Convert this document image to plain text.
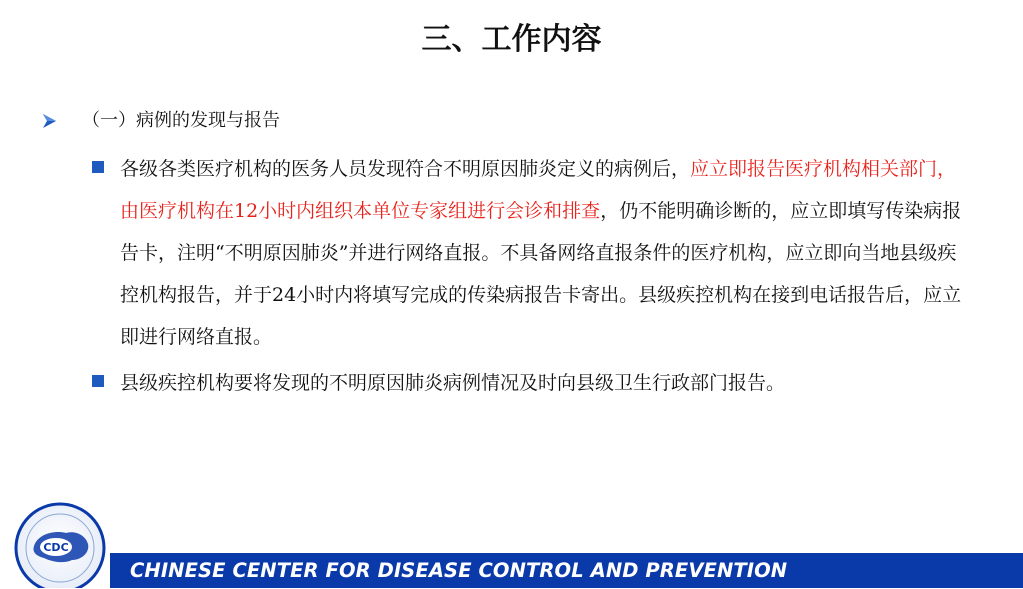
三、工作内容
（一）病例的发现与报告
各级各类医疗机构的医务人员发现符合不明原因肺炎定义的病例后，应立即报告医疗机构相关部门，由医疗机构在12小时内组织本单位专家组进行会诊和排查，仍不能明确诊断的，应立即填写传染病报告卡，注明“不明原因肺炎”并进行网络直报。不具备网络直报条件的医疗机构，应立即向当地县级疾控机构报告，并于24小时内将填写完成的传染病报告卡寄出。县级疾控机构在接到电话报告后，应立即进行网络直报。
县级疾控机构要将发现的不明原因肺炎病例情况及时向县级卫生行政部门报告。
CHINESE CENTER FOR DISEASE CONTROL AND PREVENTION
CDC
